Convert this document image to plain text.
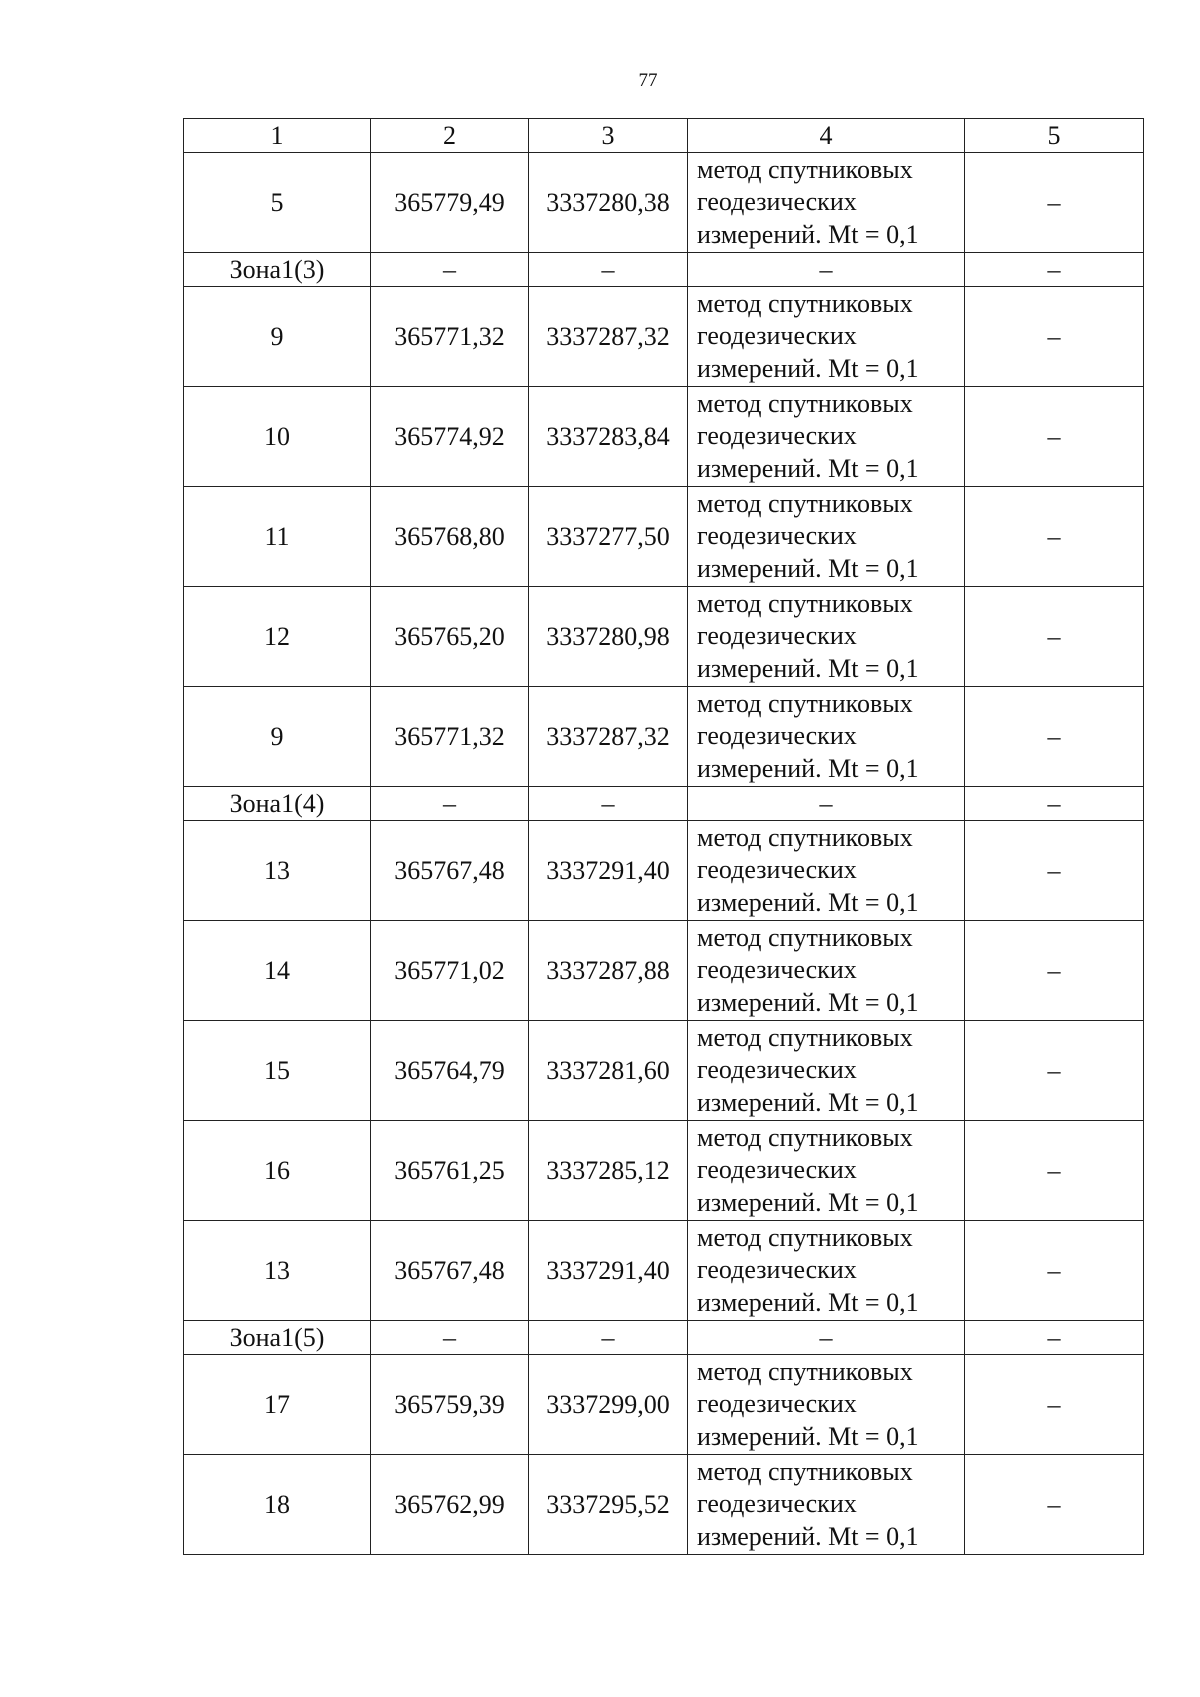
77
1	2	3	4	5
5	365779,49	3337280,38	метод спутниковых геодезических измерений. Mt = 0,1	–
Зона1(3)	–	–	–	–
9	365771,32	3337287,32	метод спутниковых геодезических измерений. Mt = 0,1	–
10	365774,92	3337283,84	метод спутниковых геодезических измерений. Mt = 0,1	–
11	365768,80	3337277,50	метод спутниковых геодезических измерений. Mt = 0,1	–
12	365765,20	3337280,98	метод спутниковых геодезических измерений. Mt = 0,1	–
9	365771,32	3337287,32	метод спутниковых геодезических измерений. Mt = 0,1	–
Зона1(4)	–	–	–	–
13	365767,48	3337291,40	метод спутниковых геодезических измерений. Mt = 0,1	–
14	365771,02	3337287,88	метод спутниковых геодезических измерений. Mt = 0,1	–
15	365764,79	3337281,60	метод спутниковых геодезических измерений. Mt = 0,1	–
16	365761,25	3337285,12	метод спутниковых геодезических измерений. Mt = 0,1	–
13	365767,48	3337291,40	метод спутниковых геодезических измерений. Mt = 0,1	–
Зона1(5)	–	–	–	–
17	365759,39	3337299,00	метод спутниковых геодезических измерений. Mt = 0,1	–
18	365762,99	3337295,52	метод спутниковых геодезических измерений. Mt = 0,1	–
